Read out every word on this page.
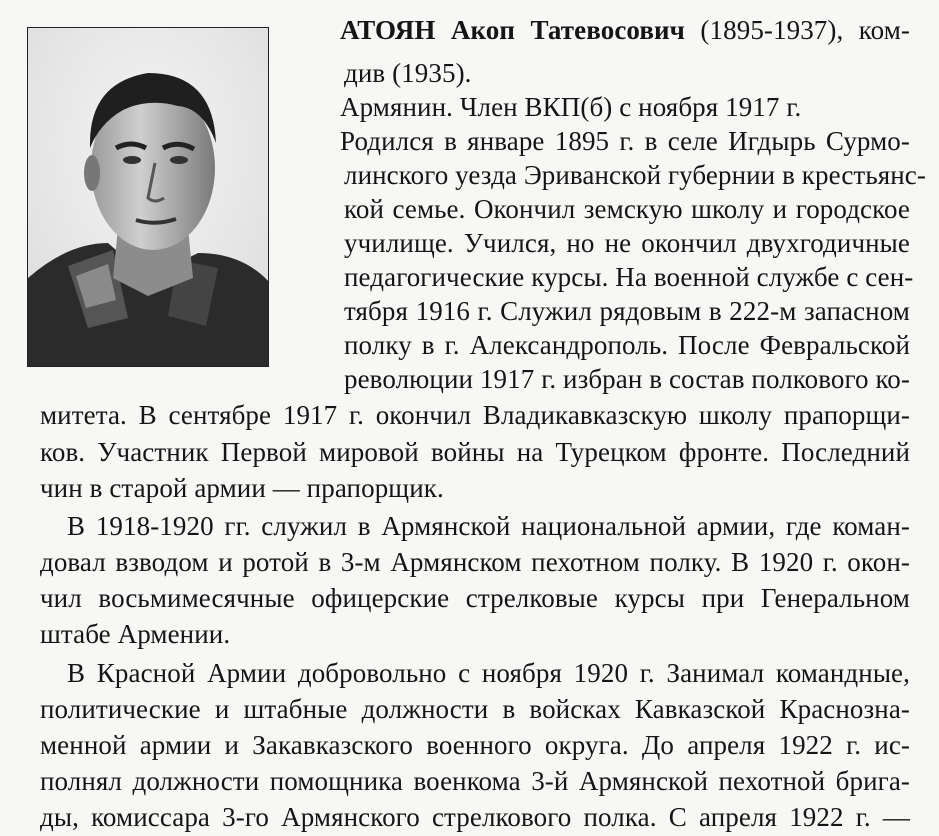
АТОЯН Акоп Татевосович (1895-1937), ком-
див (1935).
Армянин. Член ВКП(б) с ноября 1917 г.
Родился в январе 1895 г. в селе Игдырь Сурмо-
линского уезда Эриванской губернии в крестьянс-
кой семье. Окончил земскую школу и городское
училище. Учился, но не окончил двухгодичные
педагогические курсы. На военной службе с сен-
тября 1916 г. Служил рядовым в 222-м запасном
полку в г. Александрополь. После Февральской
революции 1917 г. избран в состав полкового ко-
митета. В сентябре 1917 г. окончил Владикавказскую школу прапорщи-
ков. Участник Первой мировой войны на Турецком фронте. Последний
чин в старой армии — прапорщик.
В 1918-1920 гг. служил в Армянской национальной армии, где коман-
довал взводом и ротой в 3-м Армянском пехотном полку. В 1920 г. окон-
чил восьмимесячные офицерские стрелковые курсы при Генеральном
штабе Армении.
В Красной Армии добровольно с ноября 1920 г. Занимал командные,
политические и штабные должности в войсках Кавказской Краснозна-
менной армии и Закавказского военного округа. До апреля 1922 г. ис-
полнял должности помощника военкома 3-й Армянской пехотной брига-
ды, комиссара 3-го Армянского стрелкового полка. С апреля 1922 г. —
